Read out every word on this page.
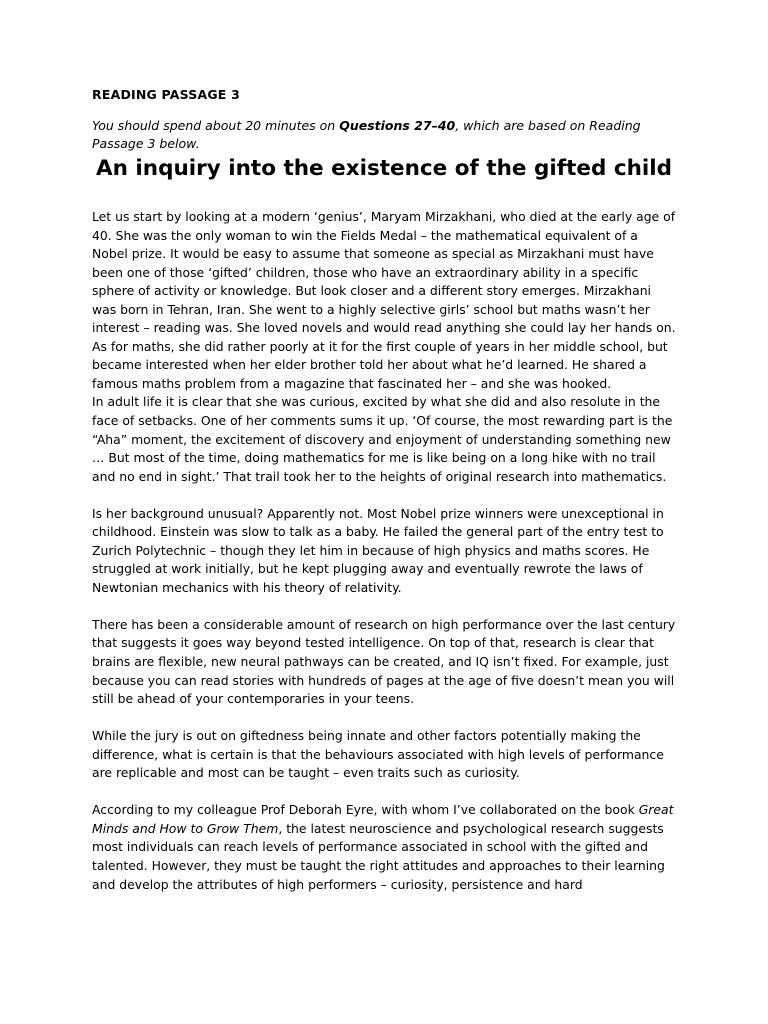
READING PASSAGE 3

You should spend about 20 minutes on Questions 27–40, which are based on Reading Passage 3 below.

An inquiry into the existence of the gifted child

Let us start by looking at a modern ‘genius’, Maryam Mirzakhani, who died at the early age of 40. She was the only woman to win the Fields Medal – the mathematical equivalent of a Nobel prize. It would be easy to assume that someone as special as Mirzakhani must have been one of those ‘gifted’ children, those who have an extraordinary ability in a specific sphere of activity or knowledge. But look closer and a different story emerges. Mirzakhani was born in Tehran, Iran. She went to a highly selective girls’ school but maths wasn’t her interest – reading was. She loved novels and would read anything she could lay her hands on. As for maths, she did rather poorly at it for the first couple of years in her middle school, but became interested when her elder brother told her about what he’d learned. He shared a famous maths problem from a magazine that fascinated her – and she was hooked.

In adult life it is clear that she was curious, excited by what she did and also resolute in the face of setbacks. One of her comments sums it up. ‘Of course, the most rewarding part is the “Aha” moment, the excitement of discovery and enjoyment of understanding something new … But most of the time, doing mathematics for me is like being on a long hike with no trail and no end in sight.’ That trail took her to the heights of original research into mathematics.

Is her background unusual? Apparently not. Most Nobel prize winners were unexceptional in childhood. Einstein was slow to talk as a baby. He failed the general part of the entry test to Zurich Polytechnic – though they let him in because of high physics and maths scores. He struggled at work initially, but he kept plugging away and eventually rewrote the laws of Newtonian mechanics with his theory of relativity.

There has been a considerable amount of research on high performance over the last century that suggests it goes way beyond tested intelligence. On top of that, research is clear that brains are flexible, new neural pathways can be created, and IQ isn’t fixed. For example, just because you can read stories with hundreds of pages at the age of five doesn’t mean you will still be ahead of your contemporaries in your teens.

While the jury is out on giftedness being innate and other factors potentially making the difference, what is certain is that the behaviours associated with high levels of performance are replicable and most can be taught – even traits such as curiosity.

According to my colleague Prof Deborah Eyre, with whom I’ve collaborated on the book Great Minds and How to Grow Them, the latest neuroscience and psychological research suggests most individuals can reach levels of performance associated in school with the gifted and talented. However, they must be taught the right attitudes and approaches to their learning and develop the attributes of high performers – curiosity, persistence and hard
